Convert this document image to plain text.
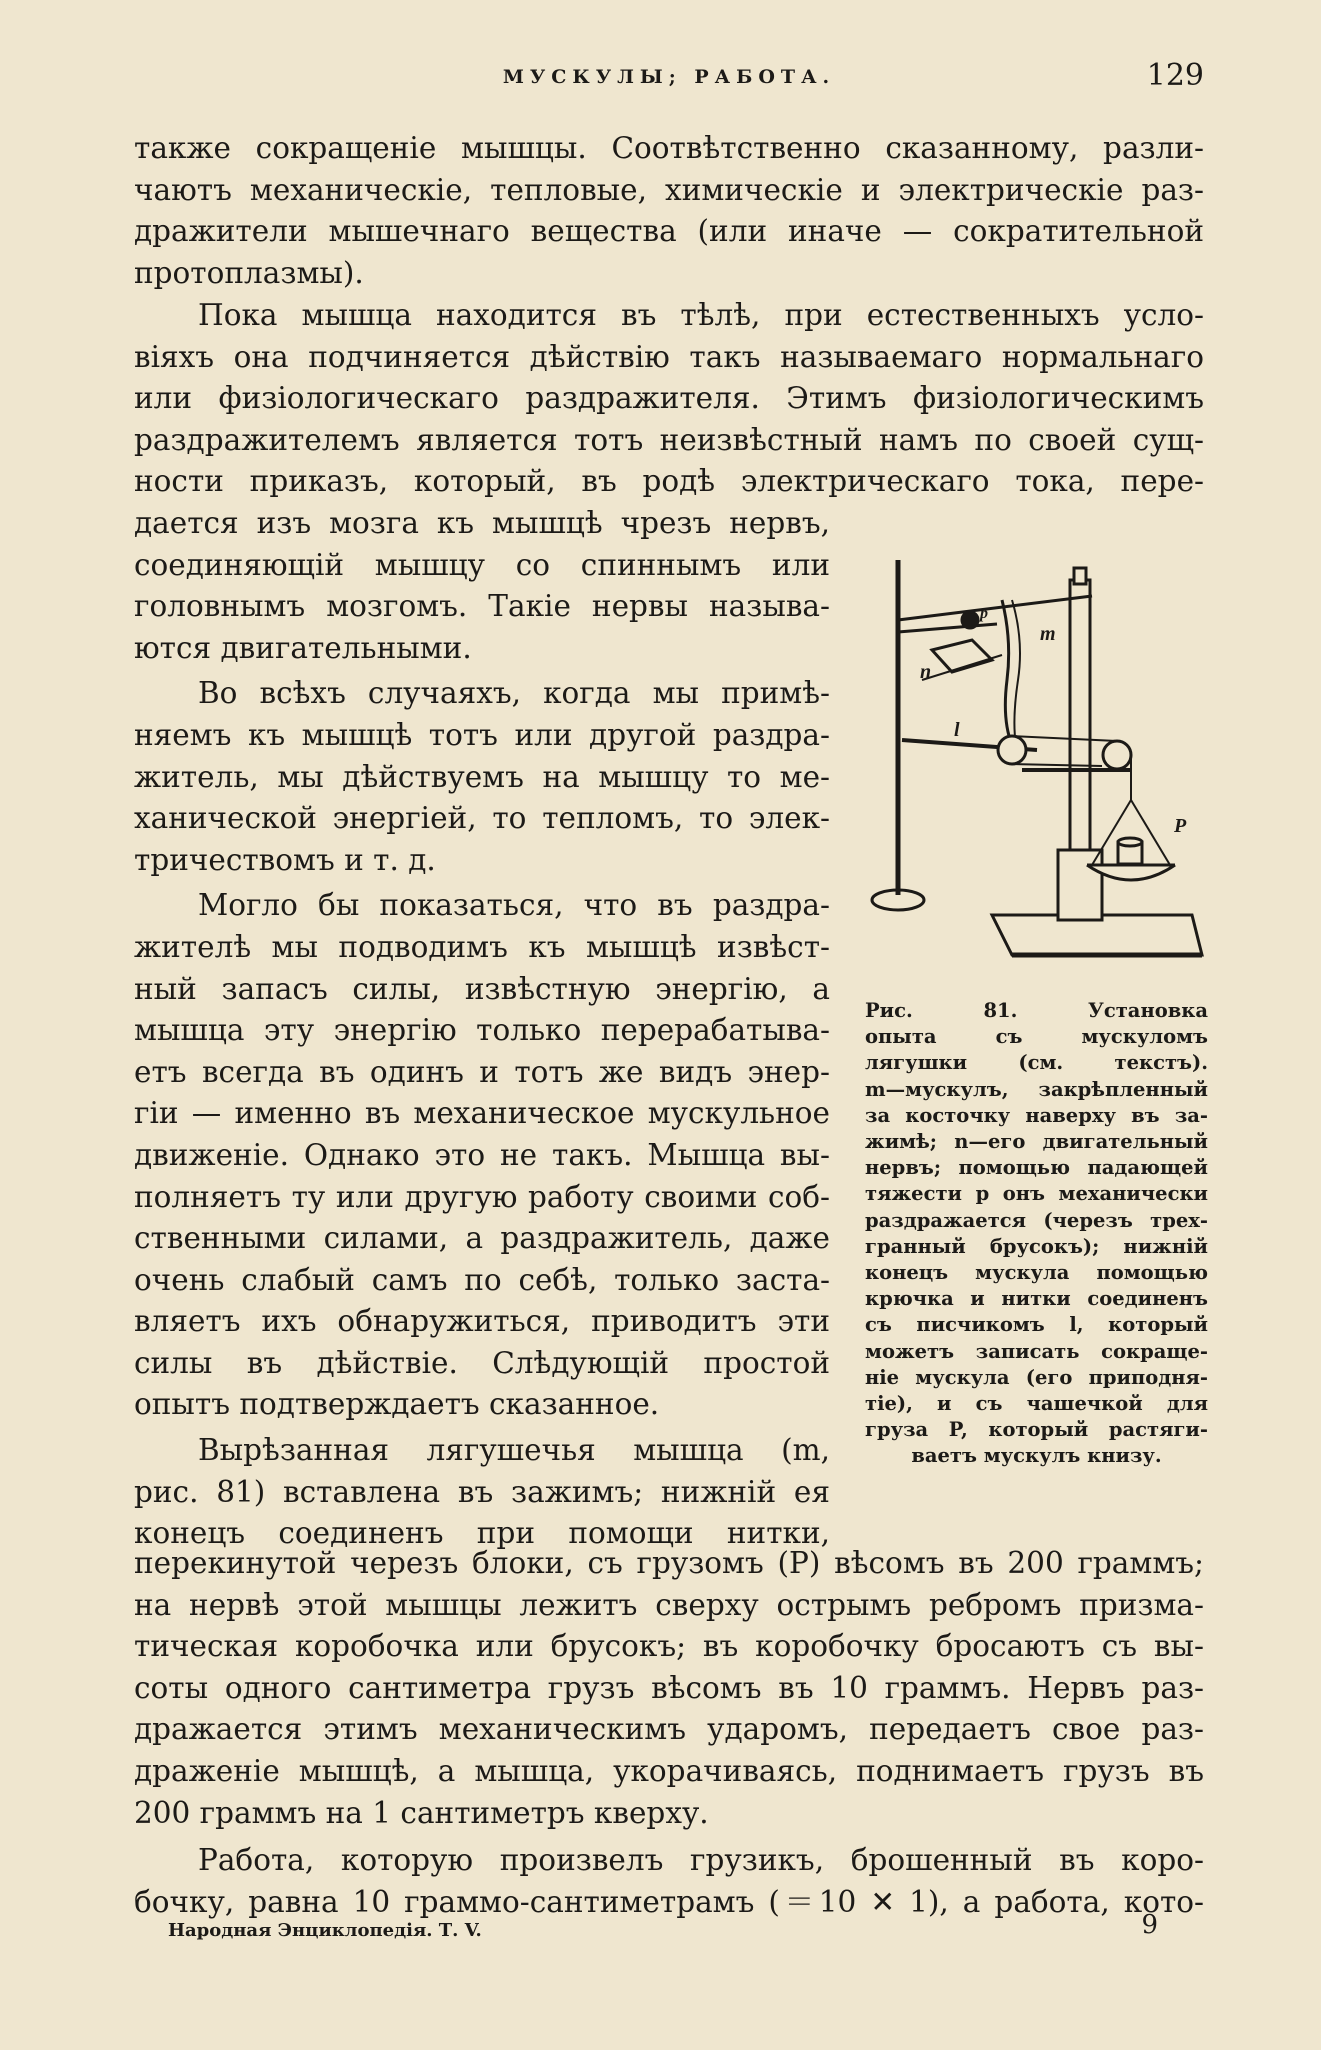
МУСКУЛЫ; РАБОТА.	129
также сокращеніе мышцы. Соотвѣтственно сказанному, разли-
чаютъ механическіе, тепловые, химическіе и электрическіе раз-
дражители мышечнаго вещества (или иначе — сократительной
протоплазмы).
Пока мышца находится въ тѣлѣ, при естественныхъ усло-
віяхъ она подчиняется дѣйствію такъ называемаго нормальнаго
или физіологическаго раздражителя. Этимъ физіологическимъ
раздражителемъ является тотъ неизвѣстный намъ по своей сущ-
ности приказъ, который, въ родѣ электрическаго тока, пере-
дается изъ мозга къ мышцѣ чрезъ нервъ,
соединяющій мышцу со спиннымъ или
головнымъ мозгомъ. Такіе нервы называ-
ются двигательными.
Во всѣхъ случаяхъ, когда мы примѣ-
няемъ къ мышцѣ тотъ или другой раздра-
житель, мы дѣйствуемъ на мышцу то ме-
ханической энергіей, то тепломъ, то элек-
тричествомъ и т. д.
Могло бы показаться, что въ раздра-
жителѣ мы подводимъ къ мышцѣ извѣст-
ный запасъ силы, извѣстную энергію, а
мышца эту энергію только перерабатыва-
етъ всегда въ одинъ и тотъ же видъ энер-
гіи — именно въ механическое мускульное
движеніе. Однако это не такъ. Мышца вы-
полняетъ ту или другую работу своими соб-
ственными силами, а раздражитель, даже
очень слабый самъ по себѣ, только заста-
вляетъ ихъ обнаружиться, приводитъ эти
силы въ дѣйствіе. Слѣдующій простой
опытъ подтверждаетъ сказанное.
Вырѣзанная лягушечья мышца (m,
рис. 81) вставлена въ зажимъ; нижній ея
конецъ соединенъ при помощи нитки,
m
n
l
P
p
Рис. 81. Установка
опыта съ мускуломъ
лягушки (см. текстъ).
m—мускулъ, закрѣпленный
за косточку наверху въ за-
жимѣ; n—его двигательный
нервъ; помощью падающей
тяжести p онъ механически
раздражается (черезъ трех-
гранный брусокъ); нижній
конецъ мускула помощью
крючка и нитки соединенъ
съ писчикомъ l, который
можетъ записать сокраще-
ніе мускула (его приподня-
тіе), и съ чашечкой для
груза P, который растяги-
ваетъ мускулъ книзу.
перекинутой черезъ блоки, съ грузомъ (P) вѣсомъ въ 200 граммъ;
на нервѣ этой мышцы лежитъ сверху острымъ ребромъ призма-
тическая коробочка или брусокъ; въ коробочку бросаютъ съ вы-
соты одного сантиметра грузъ вѣсомъ въ 10 граммъ. Нервъ раз-
дражается этимъ механическимъ ударомъ, передаетъ свое раз-
драженіе мышцѣ, а мышца, укорачиваясь, поднимаетъ грузъ въ
200 граммъ на 1 сантиметръ кверху.
Работа, которую произвелъ грузикъ, брошенный въ коро-
бочку, равна 10 граммо-сантиметрамъ (＝10 ✕ 1), а работа, кото-
Народная Энциклопедія. Т. V.	9
